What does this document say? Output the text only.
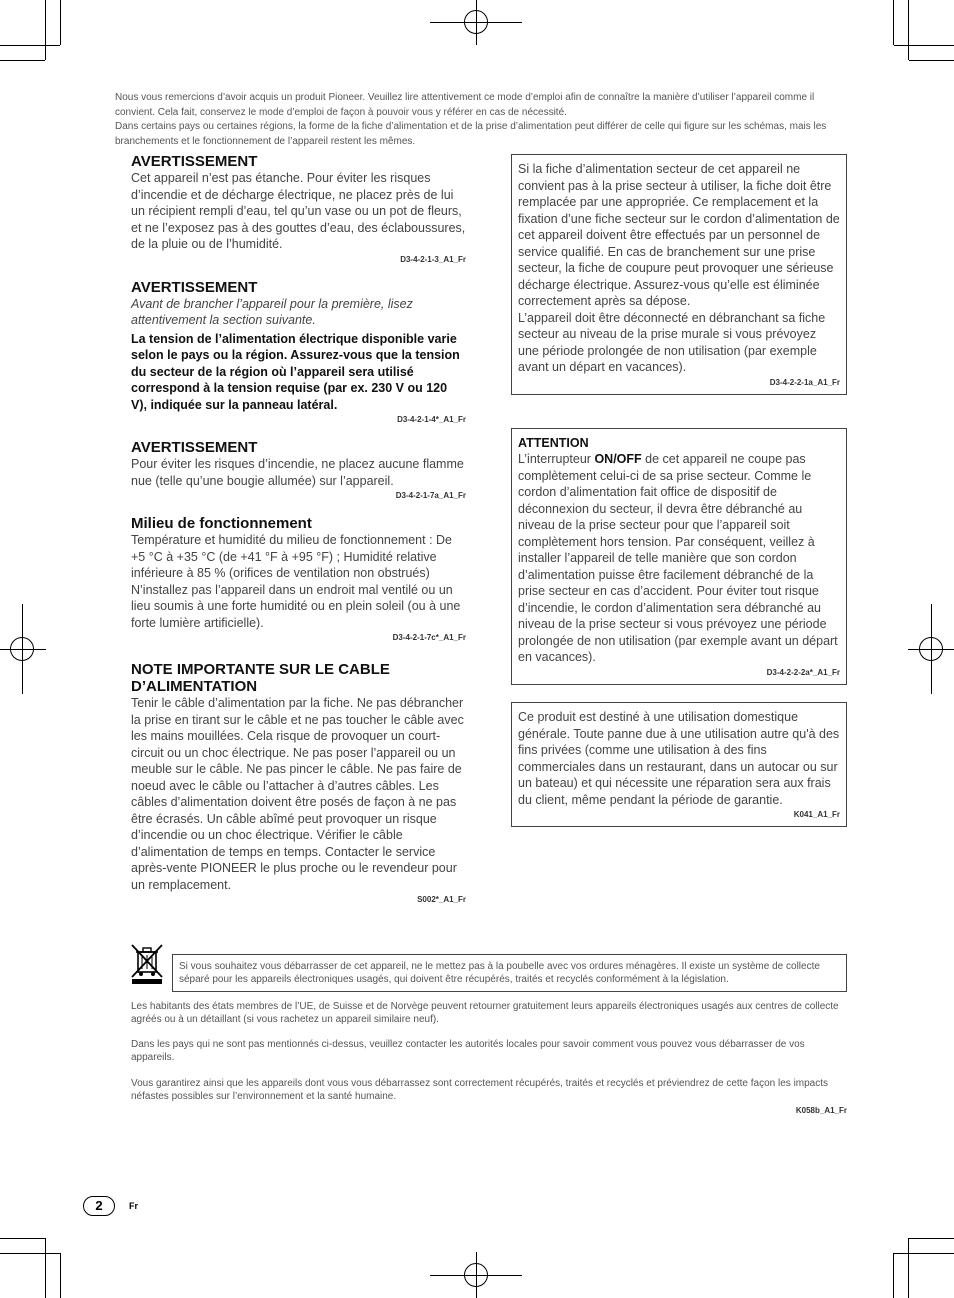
Nous vous remercions d’avoir acquis un produit Pioneer. Veuillez lire attentivement ce mode d’emploi afin de connaître la manière d’utiliser l’appareil comme il convient. Cela fait, conservez le mode d’emploi de façon à pouvoir vous y référer en cas de nécessité.

Dans certains pays ou certaines régions, la forme de la fiche d’alimentation et de la prise d’alimentation peut différer de celle qui figure sur les schémas, mais les branchements et le fonctionnement de l’appareil restent les mêmes.

AVERTISSEMENT
Cet appareil n’est pas étanche. Pour éviter les risques d’incendie et de décharge électrique, ne placez près de lui un récipient rempli d’eau, tel qu’un vase ou un pot de fleurs, et ne l’exposez pas à des gouttes d’eau, des éclaboussures, de la pluie ou de l’humidité.
D3-4-2-1-3_A1_Fr
AVERTISSEMENT
Avant de brancher l’appareil pour la première, lisez attentivement la section suivante.
La tension de l’alimentation électrique disponible varie selon le pays ou la région. Assurez-vous que la tension du secteur de la région où l’appareil sera utilisé correspond à la tension requise (par ex. 230 V ou 120 V), indiquée sur la panneau latéral.
D3-4-2-1-4*_A1_Fr
AVERTISSEMENT
Pour éviter les risques d’incendie, ne placez aucune flamme nue (telle qu’une bougie allumée) sur l’appareil.
D3-4-2-1-7a_A1_Fr
Milieu de fonctionnement
Température et humidité du milieu de fonctionnement : De +5 °C à +35 °C (de +41 °F à +95 °F) ; Humidité relative inférieure à 85 % (orifices de ventilation non obstrués)
N’installez pas l’appareil dans un endroit mal ventilé ou un lieu soumis à une forte humidité ou en plein soleil (ou à une forte lumière artificielle).
D3-4-2-1-7c*_A1_Fr
NOTE IMPORTANTE SUR LE CABLE D’ALIMENTATION
Tenir le câble d’alimentation par la fiche. Ne pas débrancher la prise en tirant sur le câble et ne pas toucher le câble avec les mains mouillées. Cela risque de provoquer un court-circuit ou un choc électrique. Ne pas poser l’appareil ou un meuble sur le câble. Ne pas pincer le câble. Ne pas faire de noeud avec le câble ou l’attacher à d’autres câbles. Les câbles d’alimentation doivent être posés de façon à ne pas être écrasés. Un câble abîmé peut provoquer un risque d’incendie ou un choc électrique. Vérifier le câble d’alimentation de temps en temps. Contacter le service après-vente PIONEER le plus proche ou le revendeur pour un remplacement.
S002*_A1_Fr
Si la fiche d’alimentation secteur de cet appareil ne convient pas à la prise secteur à utiliser, la fiche doit être remplacée par une appropriée. Ce remplacement et la fixation d’une fiche secteur sur le cordon d’alimentation de cet appareil doivent être effectués par un personnel de service qualifié. En cas de branchement sur une prise secteur, la fiche de coupure peut provoquer une sérieuse décharge électrique. Assurez-vous qu’elle est éliminée correctement après sa dépose.
L’appareil doit être déconnecté en débranchant sa fiche secteur au niveau de la prise murale si vous prévoyez une période prolongée de non utilisation (par exemple avant un départ en vacances).
D3-4-2-2-1a_A1_Fr
ATTENTION
L’interrupteur ON/OFF de cet appareil ne coupe pas complètement celui-ci de sa prise secteur. Comme le cordon d’alimentation fait office de dispositif de déconnexion du secteur, il devra être débranché au niveau de la prise secteur pour que l’appareil soit complètement hors tension. Par conséquent, veillez à installer l’appareil de telle manière que son cordon d’alimentation puisse être facilement débranché de la prise secteur en cas d’accident. Pour éviter tout risque d’incendie, le cordon d’alimentation sera débranché au niveau de la prise secteur si vous prévoyez une période prolongée de non utilisation (par exemple avant un départ en vacances).
D3-4-2-2-2a*_A1_Fr
Ce produit est destiné à une utilisation domestique générale. Toute panne due à une utilisation autre qu'à des fins privées (comme une utilisation à des fins commerciales dans un restaurant, dans un autocar ou sur un bateau) et qui nécessite une réparation sera aux frais du client, même pendant la période de garantie.
K041_A1_Fr
Si vous souhaitez vous débarrasser de cet appareil, ne le mettez pas à la poubelle avec vos ordures ménagères. Il existe un système de collecte séparé pour les appareils électroniques usagés, qui doivent être récupérés, traités et recyclés conformément à la législation.
Les habitants des états membres de l’UE, de Suisse et de Norvège peuvent retourner gratuitement leurs appareils électroniques usagés aux centres de collecte agréés ou à un détaillant (si vous rachetez un appareil similaire neuf).
Dans les pays qui ne sont pas mentionnés ci-dessus, veuillez contacter les autorités locales pour savoir comment vous pouvez vous débarrasser de vos appareils.
Vous garantirez ainsi que les appareils dont vous vous débarrassez sont correctement récupérés, traités et recyclés et préviendrez de cette façon les impacts néfastes possibles sur l’environnement et la santé humaine.
K058b_A1_Fr
2	Fr
